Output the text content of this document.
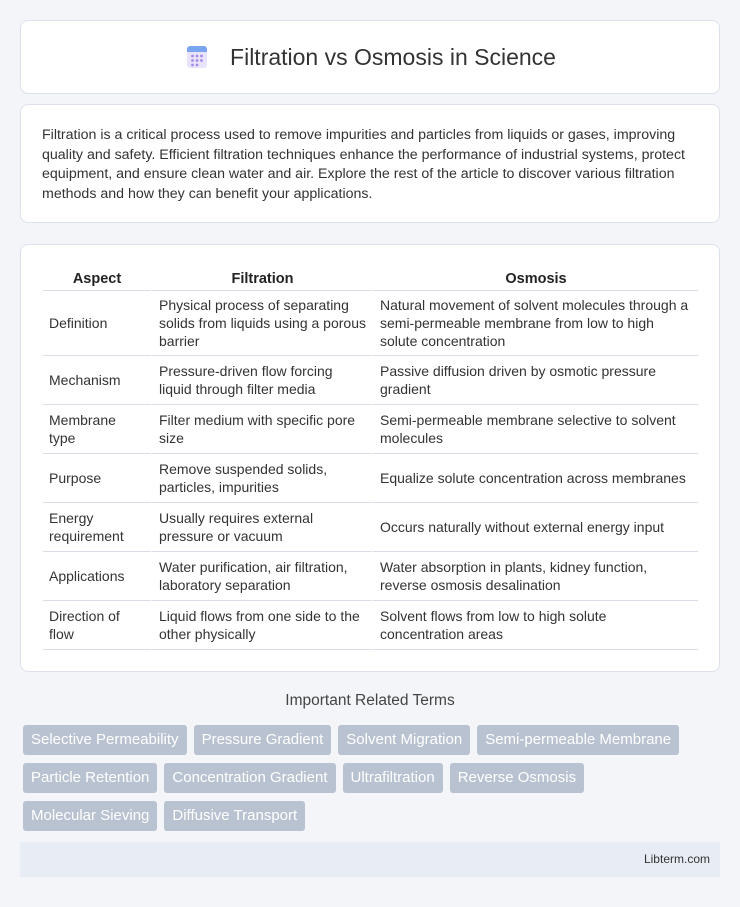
Filtration vs Osmosis in Science

Filtration is a critical process used to remove impurities and particles from liquids or gases, improving quality and safety. Efficient filtration techniques enhance the performance of industrial systems, protect equipment, and ensure clean water and air. Explore the rest of the article to discover various filtration methods and how they can benefit your applications.

Aspect	Filtration	Osmosis
Definition	Physical process of separating solids from liquids using a porous barrier	Natural movement of solvent molecules through a semi-permeable membrane from low to high solute concentration
Mechanism	Pressure-driven flow forcing liquid through filter media	Passive diffusion driven by osmotic pressure gradient
Membrane type	Filter medium with specific pore size	Semi-permeable membrane selective to solvent molecules
Purpose	Remove suspended solids, particles, impurities	Equalize solute concentration across membranes
Energy requirement	Usually requires external pressure or vacuum	Occurs naturally without external energy input
Applications	Water purification, air filtration, laboratory separation	Water absorption in plants, kidney function, reverse osmosis desalination
Direction of flow	Liquid flows from one side to the other physically	Solvent flows from low to high solute concentration areas
Important Related Terms
Selective Permeability	Pressure Gradient	Solvent Migration	Semi-permeable Membrane
Particle Retention	Concentration Gradient	Ultrafiltration	Reverse Osmosis
Molecular Sieving	Diffusive Transport
Libterm.com
